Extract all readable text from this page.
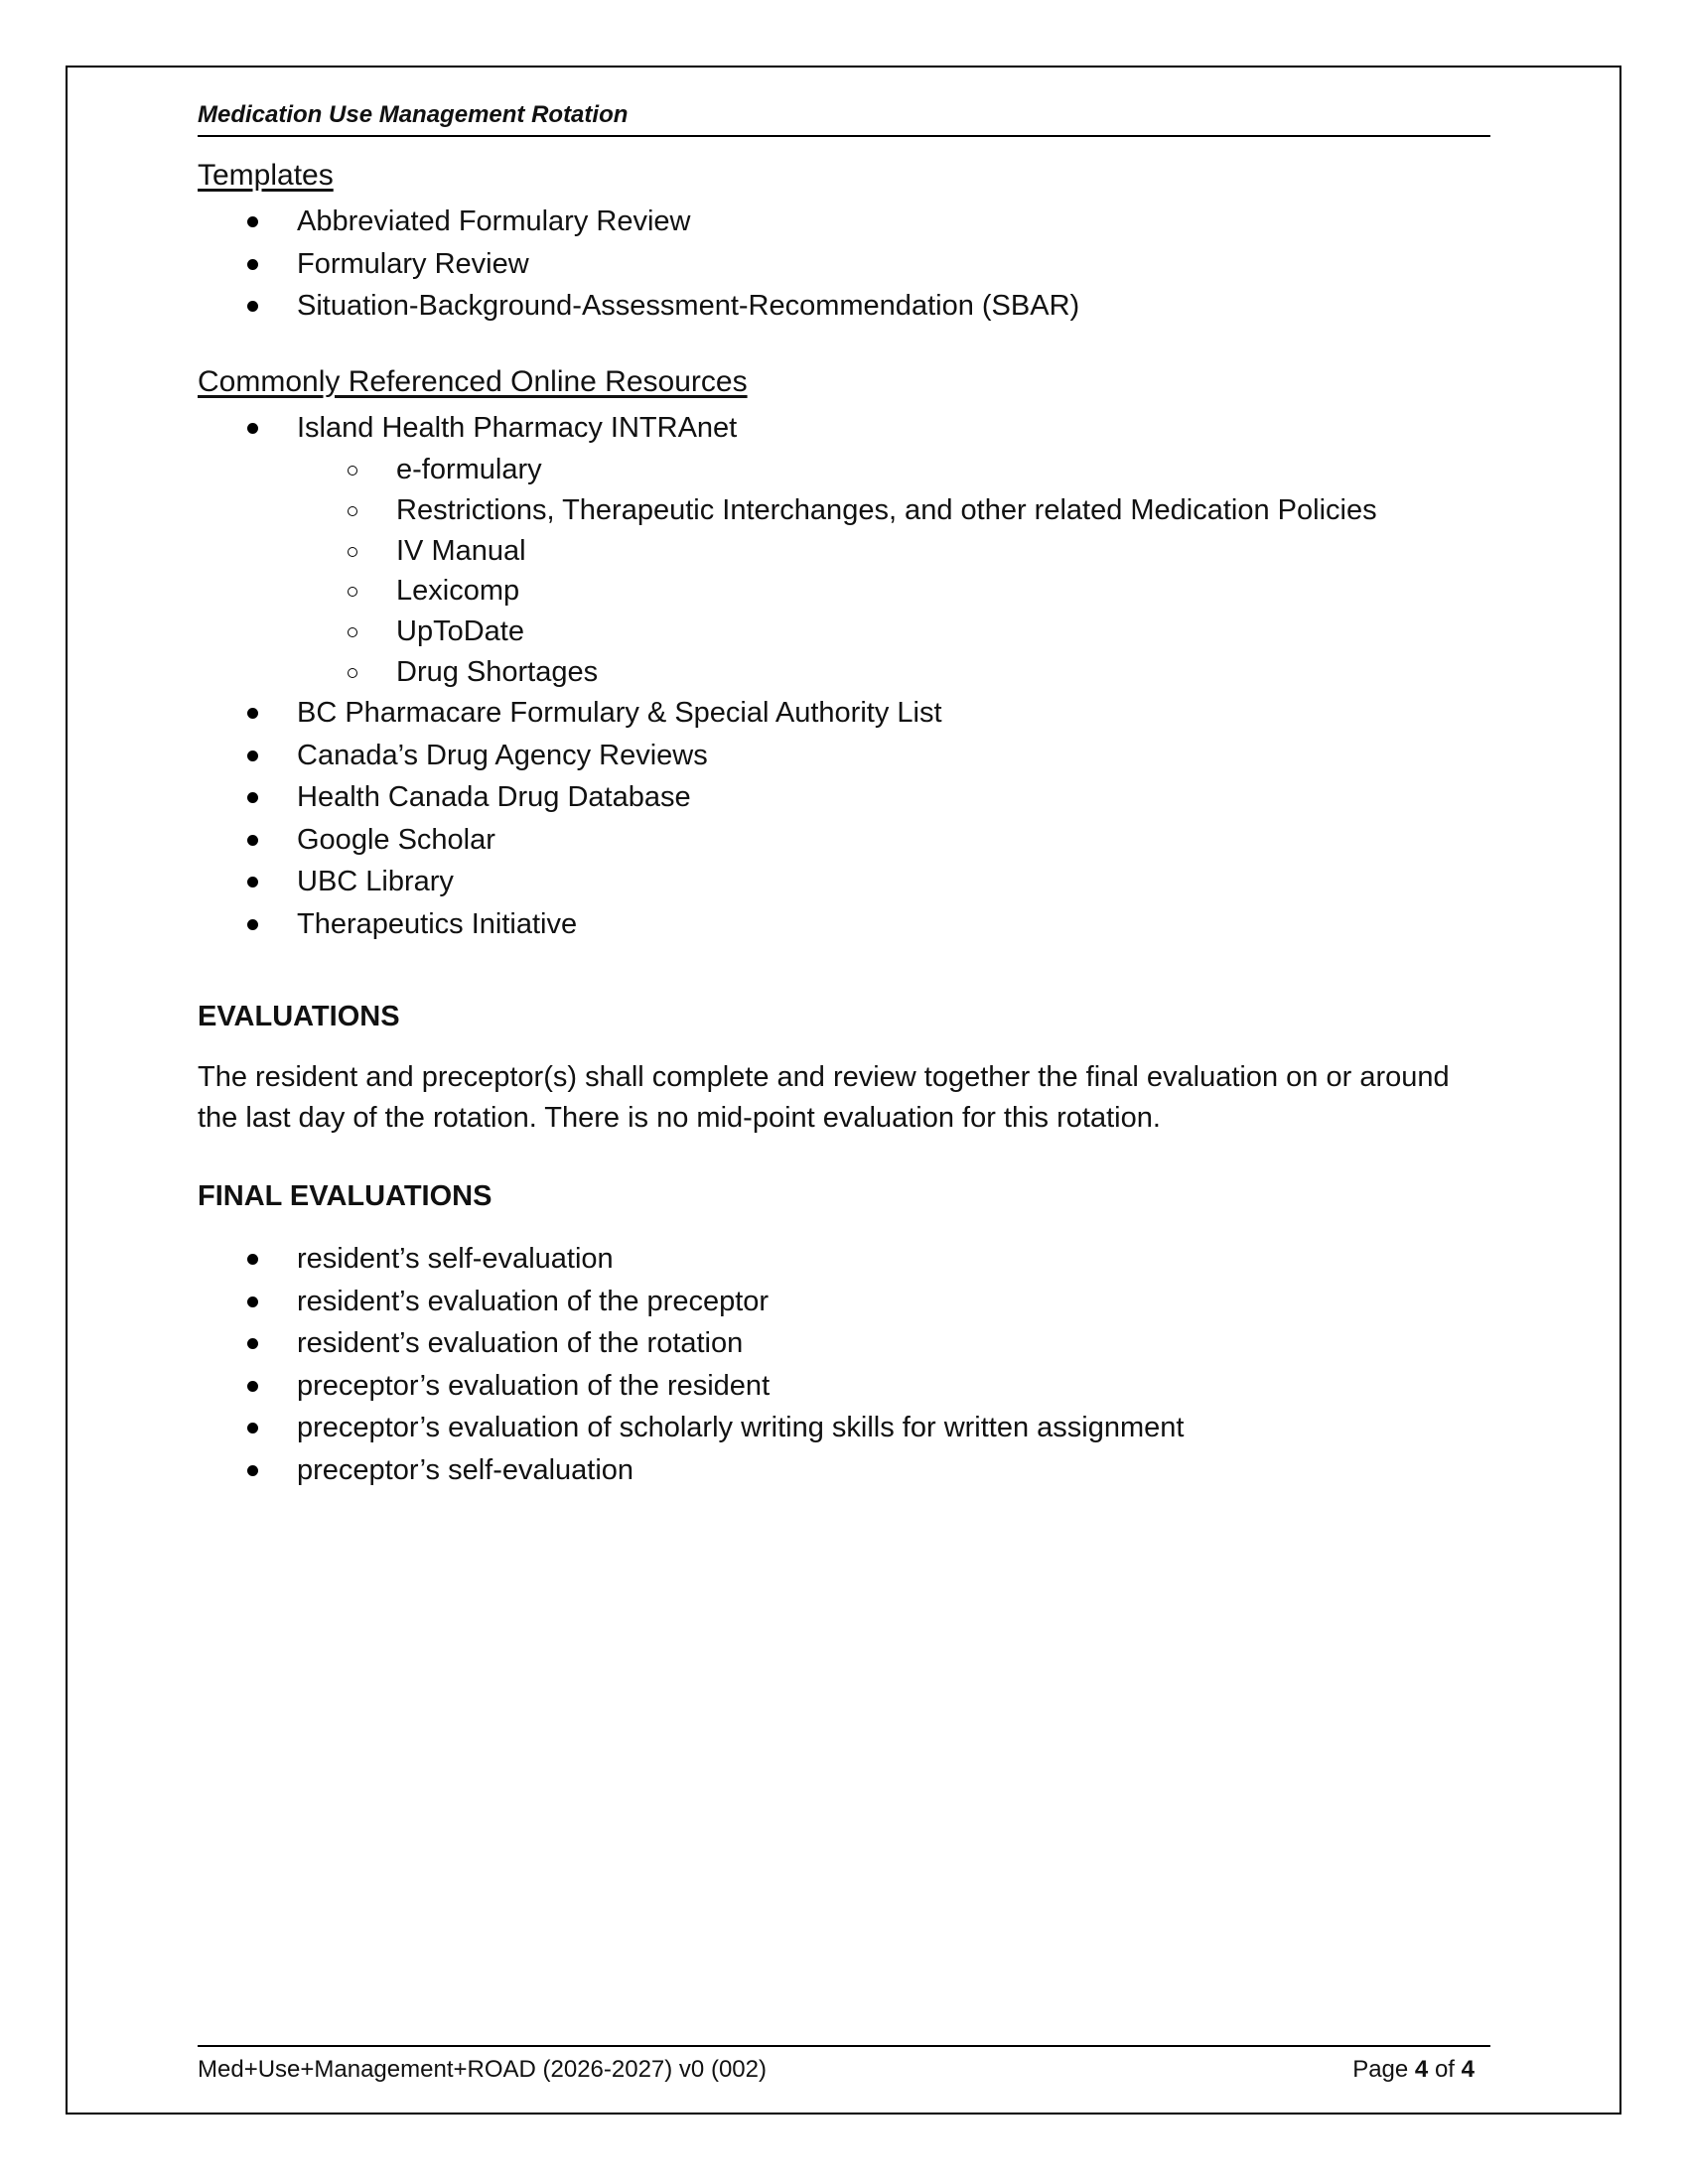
Medication Use Management Rotation
Templates
Abbreviated Formulary Review
Formulary Review
Situation-Background-Assessment-Recommendation (SBAR)
Commonly Referenced Online Resources
Island Health Pharmacy INTRAnet
e-formulary
Restrictions, Therapeutic Interchanges, and other related Medication Policies
IV Manual
Lexicomp
UpToDate
Drug Shortages
BC Pharmacare Formulary & Special Authority List
Canada’s Drug Agency Reviews
Health Canada Drug Database
Google Scholar
UBC Library
Therapeutics Initiative
EVALUATIONS
The resident and preceptor(s) shall complete and review together the final evaluation on or around the last day of the rotation. There is no mid-point evaluation for this rotation.
FINAL EVALUATIONS
resident’s self-evaluation
resident’s evaluation of the preceptor
resident’s evaluation of the rotation
preceptor’s evaluation of the resident
preceptor’s evaluation of scholarly writing skills for written assignment
preceptor’s self-evaluation
Med+Use+Management+ROAD (2026-2027) v0 (002)	Page 4 of 4
